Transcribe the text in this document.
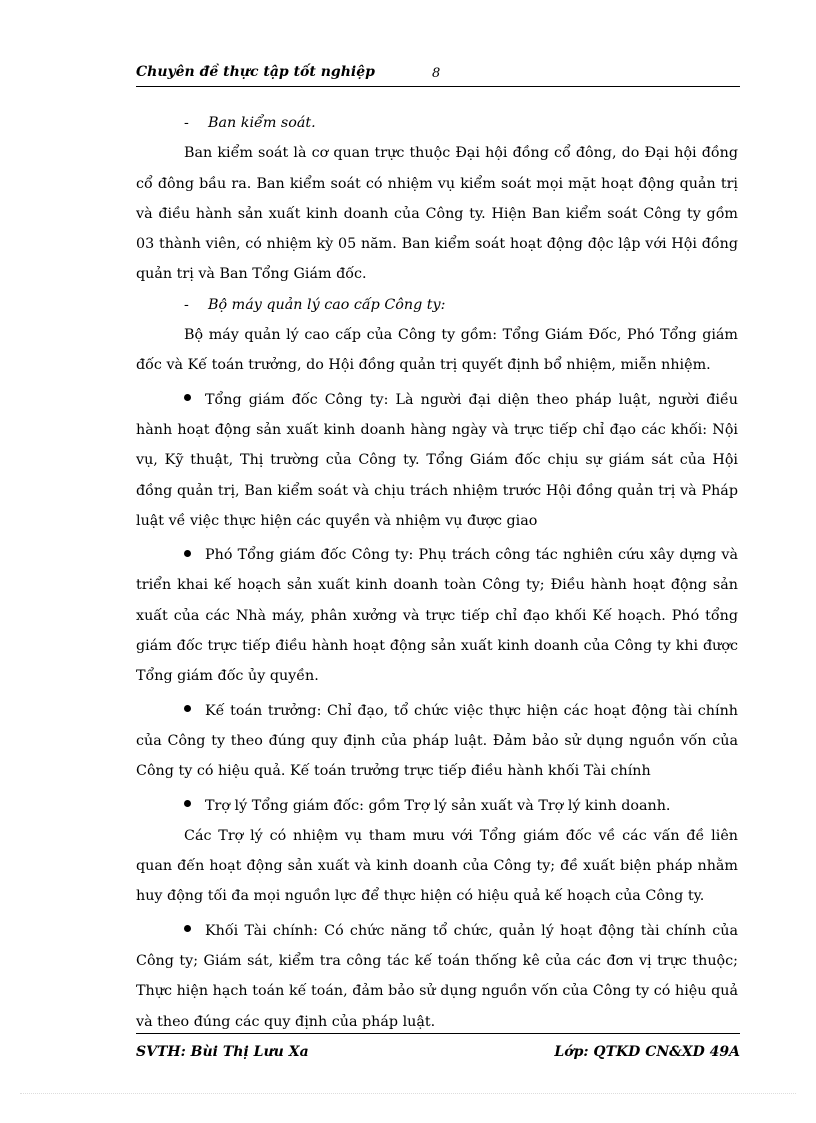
Chuyên đề thực tập tốt nghiệp	8

- Ban kiểm soát.

Ban kiểm soát là cơ quan trực thuộc Đại hội đồng cổ đông, do Đại hội đồng cổ đông bầu ra. Ban kiểm soát có nhiệm vụ kiểm soát mọi mặt hoạt động quản trị và điều hành sản xuất kinh doanh của Công ty. Hiện Ban kiểm soát Công ty gồm 03 thành viên, có nhiệm kỳ 05 năm. Ban kiểm soát hoạt động độc lập với Hội đồng quản trị và Ban Tổng Giám đốc.

- Bộ máy quản lý cao cấp Công ty:

Bộ máy quản lý cao cấp của Công ty gồm: Tổng Giám Đốc, Phó Tổng giám đốc và Kế toán trưởng, do Hội đồng quản trị quyết định bổ nhiệm, miễn nhiệm.

Tổng giám đốc Công ty: Là người đại diện theo pháp luật, người điều hành hoạt động sản xuất kinh doanh hàng ngày và trực tiếp chỉ đạo các khối: Nội vụ, Kỹ thuật, Thị trường của Công ty. Tổng Giám đốc chịu sự giám sát của Hội đồng quản trị, Ban kiểm soát và chịu trách nhiệm trước Hội đồng quản trị và Pháp luật về việc thực hiện các quyền và nhiệm vụ được giao

Phó Tổng giám đốc Công ty: Phụ trách công tác nghiên cứu xây dựng và triển khai kế hoạch sản xuất kinh doanh toàn Công ty; Điều hành hoạt động sản xuất của các Nhà máy, phân xưởng và trực tiếp chỉ đạo khối Kế hoạch. Phó tổng giám đốc trực tiếp điều hành hoạt động sản xuất kinh doanh của Công ty khi được Tổng giám đốc ủy quyền.

Kế toán trưởng: Chỉ đạo, tổ chức việc thực hiện các hoạt động tài chính của Công ty theo đúng quy định của pháp luật. Đảm bảo sử dụng nguồn vốn của Công ty có hiệu quả. Kế toán trưởng trực tiếp điều hành khối Tài chính

Trợ lý Tổng giám đốc: gồm Trợ lý sản xuất và Trợ lý kinh doanh.

Các Trợ lý có nhiệm vụ tham mưu với Tổng giám đốc về các vấn đề liên quan đến hoạt động sản xuất và kinh doanh của Công ty; đề xuất biện pháp nhằm huy động tối đa mọi nguồn lực để thực hiện có hiệu quả kế hoạch của Công ty.

Khối Tài chính: Có chức năng tổ chức, quản lý hoạt động tài chính của Công ty; Giám sát, kiểm tra công tác kế toán thống kê của các đơn vị trực thuộc; Thực hiện hạch toán kế toán, đảm bảo sử dụng nguồn vốn của Công ty có hiệu quả và theo đúng các quy định của pháp luật.

SVTH: Bùi Thị Lưu Xa	Lớp: QTKD CN&XD 49A
